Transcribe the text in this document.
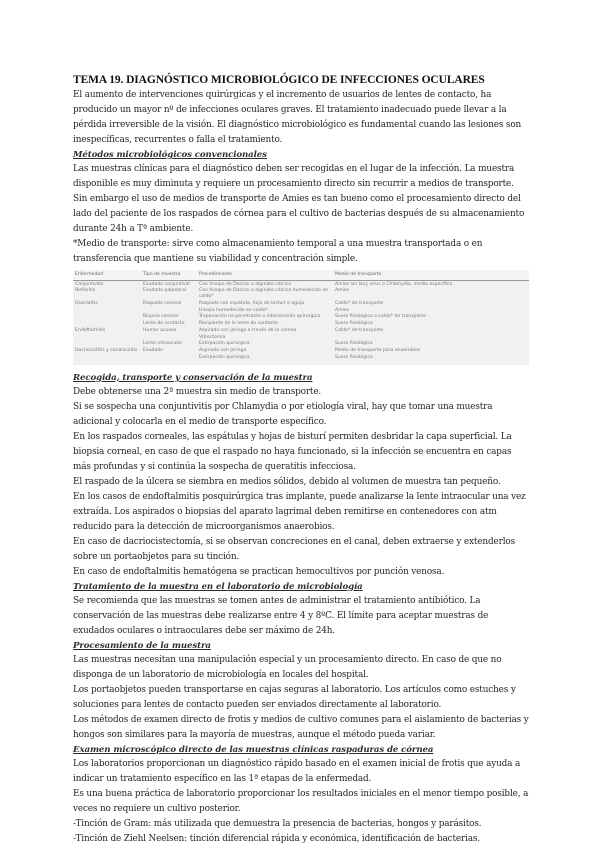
TEMA 19. DIAGNÓSTICO MICROBIOLÓGICO DE INFECCIONES OCULARES

El aumento de intervenciones quirúrgicas y el incremento de usuarios de lentes de contacto, ha producido un mayor nº de infecciones oculares graves. El tratamiento inadecuado puede llevar a la pérdida irreversible de la visión. El diagnóstico microbiológico es fundamental cuando las lesiones son inespecíficas, recurrentes o falla el tratamiento.

Métodos microbiológicos convencionales

Las muestras clínicas para el diagnóstico deben ser recogidas en el lugar de la infección. La muestra disponible es muy diminuta y requiere un procesamiento directo sin recurrir a medios de transporte. Sin embargo el uso de medios de transporte de Amies es tan bueno como el procesamiento directo del lado del paciente de los raspados de córnea para el cultivo de bacterias después de su almacenamiento durante 24h a Tª ambiente.

*Medio de transporte: sirve como almacenamiento temporal a una muestra transportada o en transferencia que mantiene su viabilidad y concentración simple.

Enfermedad	Tipo de muestra	Procedimiento	Medio de transporte
Conjuntivitis	Exudado conjuntival	Con hisopo de Dacron o alginato cálcico	Amies sin lacy virus o Chlamydia, medio específico
Blefaritis	Exudado palpebral	Con hisopo de Dacron o alginato cálcico humedecido en caldo*	Amies
Queratitis	Raspado corneal	Raspado con espátula, hoja de bisturí o aguja	Caldo* de transporte
		Hisopo humedecido en caldo*	Amies
	Biopsia corneal	Trepanación no penetrante o intervención quirúrgica	Suero fisiológico o caldo* de transporte
	Lente de contacto	Recipiente de la lente de contacto	Suero fisiológico
Endoftalmitis	Humor acuoso	Aspirado con jeringa a través de la córnea	Caldo* de transporte
		Vitrectomía	
	Lente intraocular	Extirpación quirúrgica	Suero fisiológico
Dacriocistitis y canaliculitis	Exudado	Aspirado con jeringa	Medio de transporte para anaerobios
		Extirpación quirúrgica	Suero fisiológico

Recogida, transporte y conservación de la muestra

Debe obtenerse una 2ª muestra sin medio de transporte.

Si se sospecha una conjuntivitis por Chlamydia o por etiología viral, hay que tomar una muestra adicional y colocarla en el medio de transporte específico.

En los raspados corneales, las espátulas y hojas de bisturí permiten desbridar la capa superficial. La biopsia corneal, en caso de que el raspado no haya funcionado, si la infección se encuentra en capas más profundas y si continúa la sospecha de queratitis infecciosa.

El raspado de la úlcera se siembra en medios sólidos, debido al volumen de muestra tan pequeño.

En los casos de endoftalmitis posquirúrgica tras implante, puede analizarse la lente intraocular una vez extraída. Los aspirados o biopsias del aparato lagrimal deben remitirse en contenedores con atm reducido para la detección de microorganismos anaerobios.

En caso de dacriocistectomía, si se observan concreciones en el canal, deben extraerse y extenderlos sobre un portaobjetos para su tinción.

En caso de endoftalmitis hematógena se practican hemocultivos por punción venosa.

Tratamiento de la muestra en el laboratorio de microbiología

Se recomienda que las muestras se tomen antes de administrar el tratamiento antibiótico. La conservación de las muestras debe realizarse entre 4 y 8ºC. El límite para aceptar muestras de exudados oculares o intraoculares debe ser máximo de 24h.

Procesamiento de la muestra

Las muestras necesitan una manipulación especial y un procesamiento directo. En caso de que no disponga de un laboratorio de microbiología en locales del hospital.

Los portaobjetos pueden transportarse en cajas seguras al laboratorio. Los artículos como estuches y soluciones para lentes de contacto pueden ser enviados directamente al laboratorio.

Los métodos de examen directo de frotis y medios de cultivo comunes para el aislamiento de bacterias y hongos son similares para la mayoría de muestras, aunque el método pueda variar.

Examen microscópico directo de las muestras clínicas raspaduras de córnea

Los laboratorios proporcionan un diagnóstico rápido basado en el examen inicial de frotis que ayuda a indicar un tratamiento específico en las 1ª etapas de la enfermedad.

Es una buena práctica de laboratorio proporcionar los resultados iniciales en el menor tiempo posible, a veces no requiere un cultivo posterior.

-Tinción de Gram: más utilizada que demuestra la presencia de bacterias, hongos y parásitos.

-Tinción de Ziehl Neelsen: tinción diferencial rápida y económica, identificación de bacterias.
